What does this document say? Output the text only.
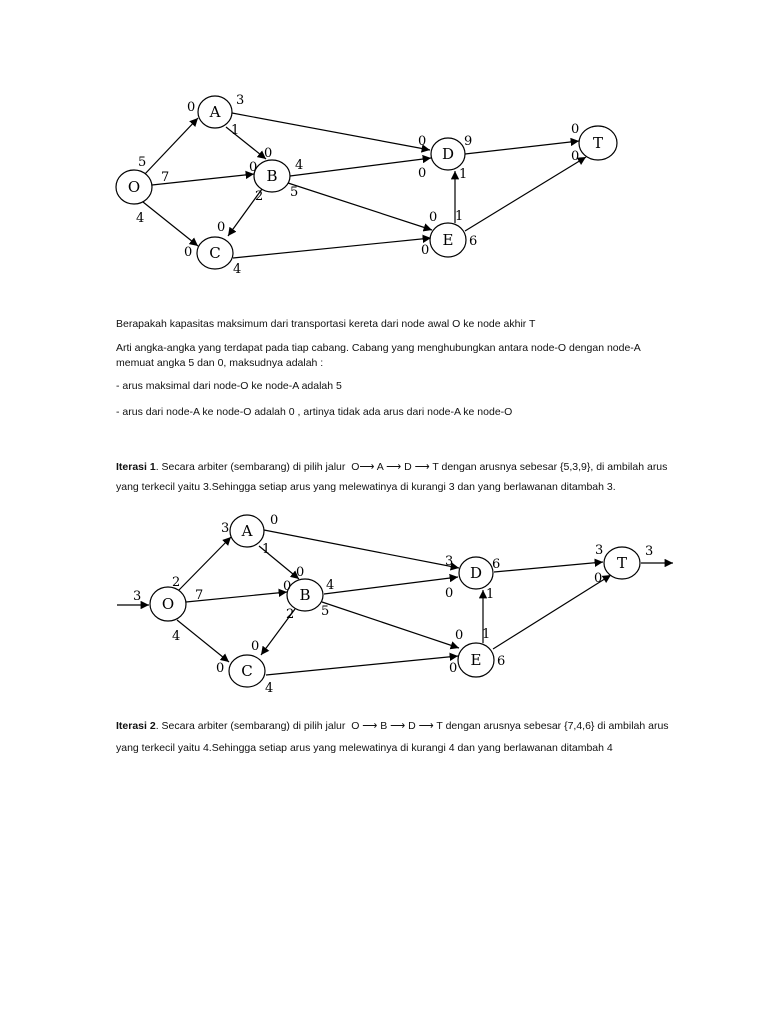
O
A
B
C
D
E
T
0	3
1
5
7
4
0
0	4
5
2
0
0
4
0
0
9
1
0
0
1
6
0
0

Berapakah kapasitas maksimum dari transportasi kereta dari node awal O ke node akhir T

Arti angka-angka yang terdapat pada tiap cabang. Cabang yang menghubungkan antara node-O dengan node-A memuat angka 5 dan 0, maksudnya adalah :

- arus maksimal dari node-O ke node-A adalah 5

- arus dari node-A ke node-O adalah 0 , artinya tidak ada arus dari node-A ke node-O

Iterasi 1. Secara arbiter (sembarang) di pilih jalur  O⟶ A ⟶ D ⟶ T dengan arusnya sebesar {5,3,9}, di ambilah arus yang terkecil yaitu 3.Sehingga setiap arus yang melewatinya di kurangi 3 dan yang berlawanan ditambah 3.

O
A
B
C
D
E
T
3
3
3
0
1
2
7
4
0
0	4
5
2
0
0
4
3
0
6
1
0
0
1
6
3
0

Iterasi 2. Secara arbiter (sembarang) di pilih jalur  O ⟶ B ⟶ D ⟶ T dengan arusnya sebesar {7,4,6} di ambilah arus yang terkecil yaitu 4.Sehingga setiap arus yang melewatinya di kurangi 4 dan yang berlawanan ditambah 4
